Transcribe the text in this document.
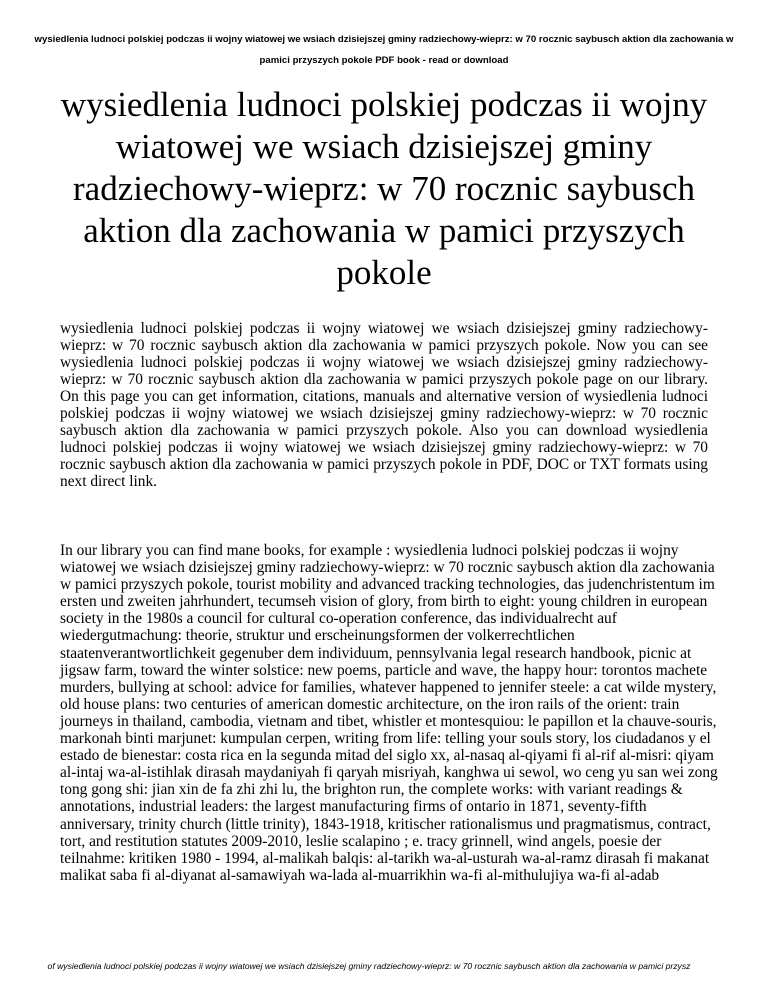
wysiedlenia ludnoci polskiej podczas ii wojny wiatowej we wsiach dzisiejszej gminy radziechowy-wieprz: w 70 rocznic saybusch aktion dla zachowania w pamici przyszych pokole PDF book - read or download
wysiedlenia ludnoci polskiej podczas ii wojny wiatowej we wsiach dzisiejszej gminy radziechowy-wieprz: w 70 rocznic saybusch aktion dla zachowania w pamici przyszych pokole

wysiedlenia ludnoci polskiej podczas ii wojny wiatowej we wsiach dzisiejszej gminy radziechowy-wieprz: w 70 rocznic saybusch aktion dla zachowania w pamici przyszych pokole. Now you can see wysiedlenia ludnoci polskiej podczas ii wojny wiatowej we wsiach dzisiejszej gminy radziechowy-wieprz: w 70 rocznic saybusch aktion dla zachowania w pamici przyszych pokole page on our library. On this page you can get information, citations, manuals and alternative version of wysiedlenia ludnoci polskiej podczas ii wojny wiatowej we wsiach dzisiejszej gminy radziechowy-wieprz: w 70 rocznic saybusch aktion dla zachowania w pamici przyszych pokole. Also you can download wysiedlenia ludnoci polskiej podczas ii wojny wiatowej we wsiach dzisiejszej gminy radziechowy-wieprz: w 70 rocznic saybusch aktion dla zachowania w pamici przyszych pokole in PDF, DOC or TXT formats using next direct link.

In our library you can find mane books, for example : wysiedlenia ludnoci polskiej podczas ii wojny wiatowej we wsiach dzisiejszej gminy radziechowy-wieprz: w 70 rocznic saybusch aktion dla zachowania w pamici przyszych pokole, tourist mobility and advanced tracking technologies, das judenchristentum im ersten und zweiten jahrhundert, tecumseh vision of glory, from birth to eight: young children in european society in the 1980s a council for cultural co-operation conference, das individualrecht auf wiedergutmachung: theorie, struktur und erscheinungsformen der volkerrechtlichen staatenverantwortlichkeit gegenuber dem individuum, pennsylvania legal research handbook, picnic at jigsaw farm, toward the winter solstice: new poems, particle and wave, the happy hour: torontos machete murders, bullying at school: advice for families, whatever happened to jennifer steele: a cat wilde mystery, old house plans: two centuries of american domestic architecture, on the iron rails of the orient: train journeys in thailand, cambodia, vietnam and tibet, whistler et montesquiou: le papillon et la chauve-souris, markonah binti marjunet: kumpulan cerpen, writing from life: telling your souls story, los ciudadanos y el estado de bienestar: costa rica en la segunda mitad del siglo xx, al-nasaq al-qiyami fi al-rif al-misri: qiyam al-intaj wa-al-istihlak dirasah maydaniyah fi qaryah misriyah, kanghwa ui sewol, wo ceng yu san wei zong tong gong shi: jian xin de fa zhi zhi lu, the brighton run, the complete works: with variant readings & annotations, industrial leaders: the largest manufacturing firms of ontario in 1871, seventy-fifth anniversary, trinity church (little trinity), 1843-1918, kritischer rationalismus und pragmatismus, contract, tort, and restitution statutes 2009-2010, leslie scalapino ; e. tracy grinnell, wind angels, poesie der teilnahme: kritiken 1980 - 1994, al-malikah balqis: al-tarikh wa-al-usturah wa-al-ramz dirasah fi makanat malikat saba fi al-diyanat al-samawiyah wa-lada al-muarrikhin wa-fi al-mithulujiya wa-fi al-adab

of wysiedlenia ludnoci polskiej podczas ii wojny wiatowej we wsiach dzisiejszej gminy radziechowy-wieprz: w 70 rocznic saybusch aktion dla zachowania w pamici przysz
